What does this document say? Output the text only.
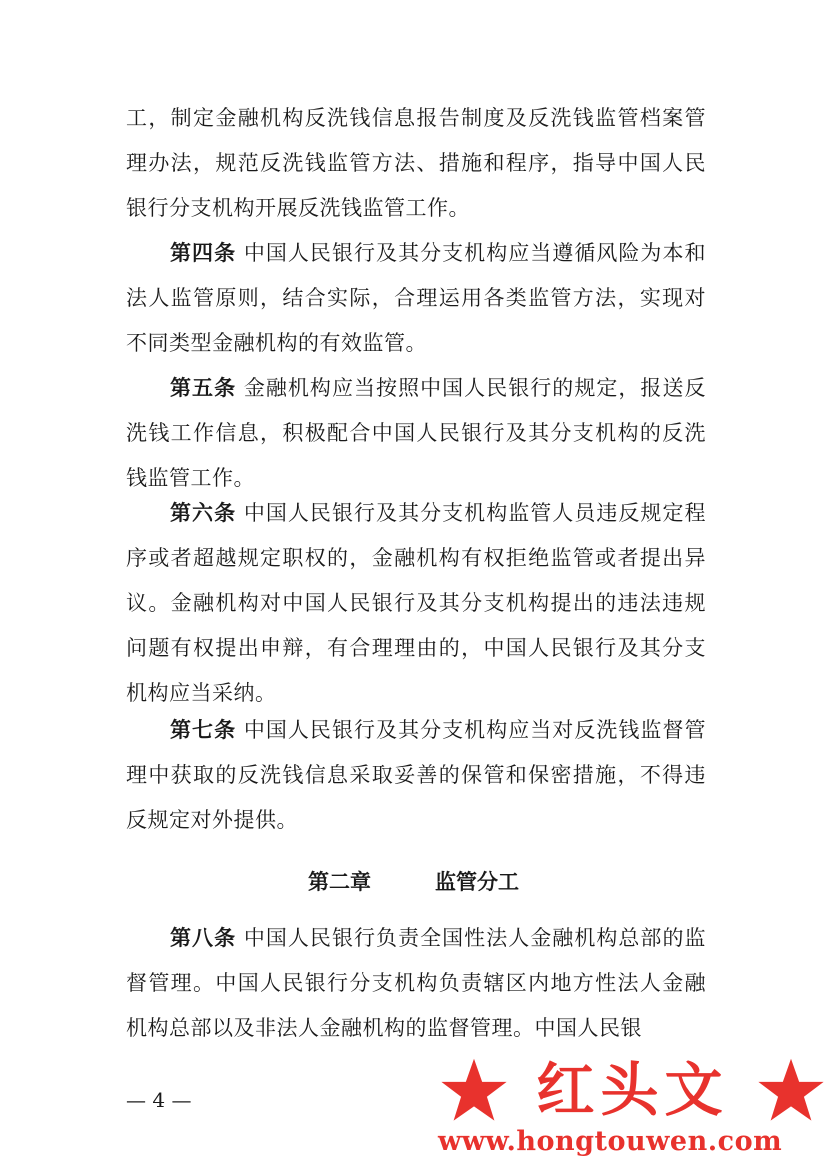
工，制定金融机构反洗钱信息报告制度及反洗钱监管档案管理办法，规范反洗钱监管方法、措施和程序，指导中国人民银行分支机构开展反洗钱监管工作。

第四条 中国人民银行及其分支机构应当遵循风险为本和法人监管原则，结合实际，合理运用各类监管方法，实现对不同类型金融机构的有效监管。

第五条 金融机构应当按照中国人民银行的规定，报送反洗钱工作信息，积极配合中国人民银行及其分支机构的反洗钱监管工作。

第六条 中国人民银行及其分支机构监管人员违反规定程序或者超越规定职权的，金融机构有权拒绝监管或者提出异议。金融机构对中国人民银行及其分支机构提出的违法违规问题有权提出申辩，有合理理由的，中国人民银行及其分支机构应当采纳。

第七条 中国人民银行及其分支机构应当对反洗钱监督管理中获取的反洗钱信息采取妥善的保管和保密措施，不得违反规定对外提供。

第二章	监管分工

第八条 中国人民银行负责全国性法人金融机构总部的监督管理。中国人民银行分支机构负责辖区内地方性法人金融机构总部以及非法人金融机构的监督管理。中国人民银

— 4 —	红头文
www.hongtouwen.com
